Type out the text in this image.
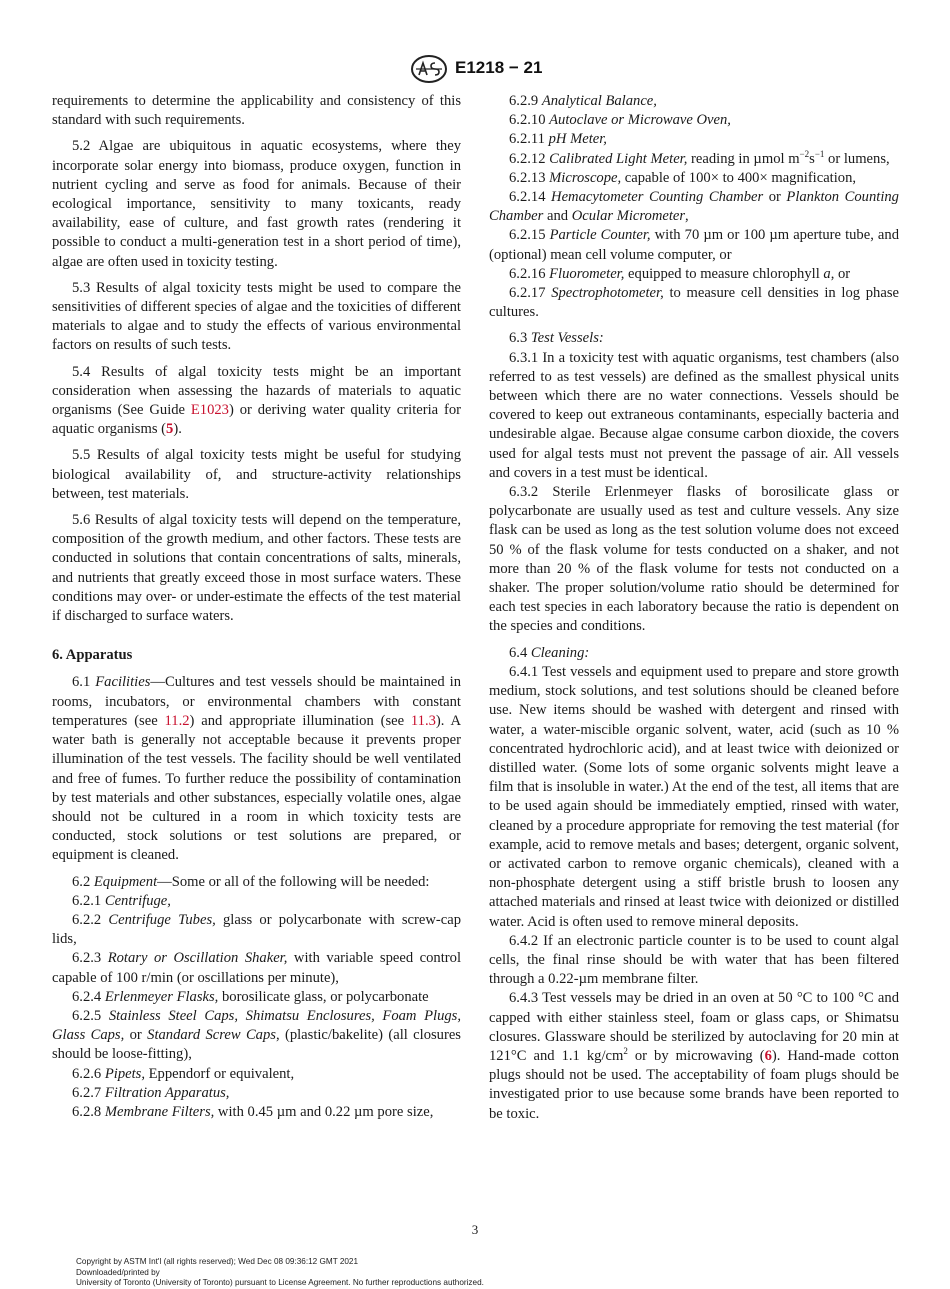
E1218 − 21

requirements to determine the applicability and consistency of this standard with such requirements.

5.2 Algae are ubiquitous in aquatic ecosystems, where they incorporate solar energy into biomass, produce oxygen, function in nutrient cycling and serve as food for animals. Because of their ecological importance, sensitivity to many toxicants, ready availability, ease of culture, and fast growth rates (rendering it possible to conduct a multi-generation test in a short period of time), algae are often used in toxicity testing.

5.3 Results of algal toxicity tests might be used to compare the sensitivities of different species of algae and the toxicities of different materials to algae and to study the effects of various environmental factors on results of such tests.

5.4 Results of algal toxicity tests might be an important consideration when assessing the hazards of materials to aquatic organisms (See Guide E1023) or deriving water quality criteria for aquatic organisms (5).

5.5 Results of algal toxicity tests might be useful for studying biological availability of, and structure-activity relationships between, test materials.

5.6 Results of algal toxicity tests will depend on the temperature, composition of the growth medium, and other factors. These tests are conducted in solutions that contain concentrations of salts, minerals, and nutrients that greatly exceed those in most surface waters. These conditions may over- or under-estimate the effects of the test material if discharged to surface waters.

6. Apparatus

6.1 Facilities—Cultures and test vessels should be maintained in rooms, incubators, or environmental chambers with constant temperatures (see 11.2) and appropriate illumination (see 11.3). A water bath is generally not acceptable because it prevents proper illumination of the test vessels. The facility should be well ventilated and free of fumes. To further reduce the possibility of contamination by test materials and other substances, especially volatile ones, algae should not be cultured in a room in which toxicity tests are conducted, stock solutions or test solutions are prepared, or equipment is cleaned.

6.2 Equipment—Some or all of the following will be needed:

6.2.1 Centrifuge,

6.2.2 Centrifuge Tubes, glass or polycarbonate with screw-cap lids,

6.2.3 Rotary or Oscillation Shaker, with variable speed control capable of 100 r/min (or oscillations per minute),

6.2.4 Erlenmeyer Flasks, borosilicate glass, or polycarbonate

6.2.5 Stainless Steel Caps, Shimatsu Enclosures, Foam Plugs, Glass Caps, or Standard Screw Caps, (plastic/bakelite) (all closures should be loose-fitting),

6.2.6 Pipets, Eppendorf or equivalent,

6.2.7 Filtration Apparatus,

6.2.8 Membrane Filters, with 0.45 µm and 0.22 µm pore size,

6.2.9 Analytical Balance,

6.2.10 Autoclave or Microwave Oven,

6.2.11 pH Meter,

6.2.12 Calibrated Light Meter, reading in µmol $m^{-2}s^{-1}$ or lumens,

6.2.13 Microscope, capable of 100× to 400× magnification,

6.2.14 Hemacytometer Counting Chamber or Plankton Counting Chamber and Ocular Micrometer,

6.2.15 Particle Counter, with 70 µm or 100 µm aperture tube, and (optional) mean cell volume computer, or

6.2.16 Fluorometer, equipped to measure chlorophyll a, or

6.2.17 Spectrophotometer, to measure cell densities in log phase cultures.

6.3 Test Vessels:

6.3.1 In a toxicity test with aquatic organisms, test chambers (also referred to as test vessels) are defined as the smallest physical units between which there are no water connections. Vessels should be covered to keep out extraneous contaminants, especially bacteria and undesirable algae. Because algae consume carbon dioxide, the covers used for algal tests must not prevent the passage of air. All vessels and covers in a test must be identical.

6.3.2 Sterile Erlenmeyer flasks of borosilicate glass or polycarbonate are usually used as test and culture vessels. Any size flask can be used as long as the test solution volume does not exceed 50 % of the flask volume for tests conducted on a shaker, and not more than 20 % of the flask volume for tests not conducted on a shaker. The proper solution/volume ratio should be determined for each test species in each laboratory because the ratio is dependent on the species and conditions.

6.4 Cleaning:

6.4.1 Test vessels and equipment used to prepare and store growth medium, stock solutions, and test solutions should be cleaned before use. New items should be washed with detergent and rinsed with water, a water-miscible organic solvent, water, acid (such as 10 % concentrated hydrochloric acid), and at least twice with deionized or distilled water. (Some lots of some organic solvents might leave a film that is insoluble in water.) At the end of the test, all items that are to be used again should be immediately emptied, rinsed with water, cleaned by a procedure appropriate for removing the test material (for example, acid to remove metals and bases; detergent, organic solvent, or activated carbon to remove organic chemicals), cleaned with a non-phosphate detergent using a stiff bristle brush to loosen any attached materials and rinsed at least twice with deionized or distilled water. Acid is often used to remove mineral deposits.

6.4.2 If an electronic particle counter is to be used to count algal cells, the final rinse should be with water that has been filtered through a 0.22-µm membrane filter.

6.4.3 Test vessels may be dried in an oven at 50 °C to 100 °C and capped with either stainless steel, foam or glass caps, or Shimatsu closures. Glassware should be sterilized by autoclaving for 20 min at 121°C and 1.1 $kg/cm^2$ or by microwaving (6). Hand-made cotton plugs should not be used. The acceptability of foam plugs should be investigated prior to use because some brands have been reported to be toxic.

3
Copyright by ASTM Int'l (all rights reserved); Wed Dec 08 09:36:12 GMT 2021
Downloaded/printed by
University of Toronto (University of Toronto) pursuant to License Agreement. No further reproductions authorized.
